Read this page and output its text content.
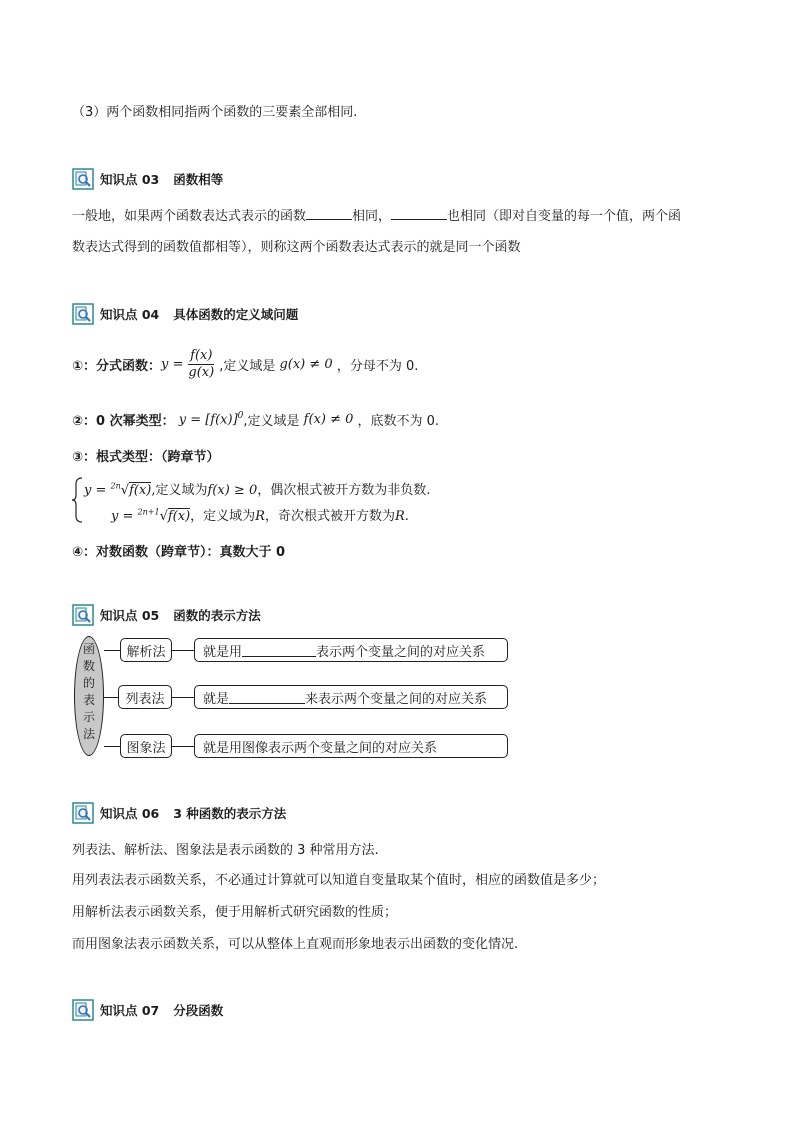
（3）两个函数相同指两个函数的三要素全部相同.
知识点 03 函数相等
一般地，如果两个函数表达式表示的函数	相同，	也相同（即对自变量的每一个值，两个函
数表达式得到的函数值都相等），则称这两个函数表达式表示的就是同一个函数
知识点 04 具体函数的定义域问题
①：分式函数： $y = \frac{f(x)}{g(x)}$ ,定义域是 g(x) ≠ 0 ，分母不为 0.
②：0 次幂类型： $y = [f(x)]^0$ ,定义域是 f(x) ≠ 0 ，底数不为 0.
③：根式类型：（跨章节）
y = $^{2n}$√f(x),定义域为f(x) ≥ 0，偶次根式被开方数为非负数.
y = $^{2n+1}$√f(x)，定义域为R，奇次根式被开方数为R.
④：对数函数（跨章节）：真数大于 0
知识点 05 函数的表示方法
函
数
的
表
示
法
解析法	就是用	表示两个变量之间的对应关系
列表法	就是	来表示两个变量之间的对应关系
图象法	就是用图像表示两个变量之间的对应关系
知识点 06 3 种函数的表示方法
列表法、解析法、图象法是表示函数的 3 种常用方法.
用列表法表示函数关系，不必通过计算就可以知道自变量取某个值时，相应的函数值是多少；
用解析法表示函数关系，便于用解析式研究函数的性质；
而用图象法表示函数关系，可以从整体上直观而形象地表示出函数的变化情况.
知识点 07 分段函数
